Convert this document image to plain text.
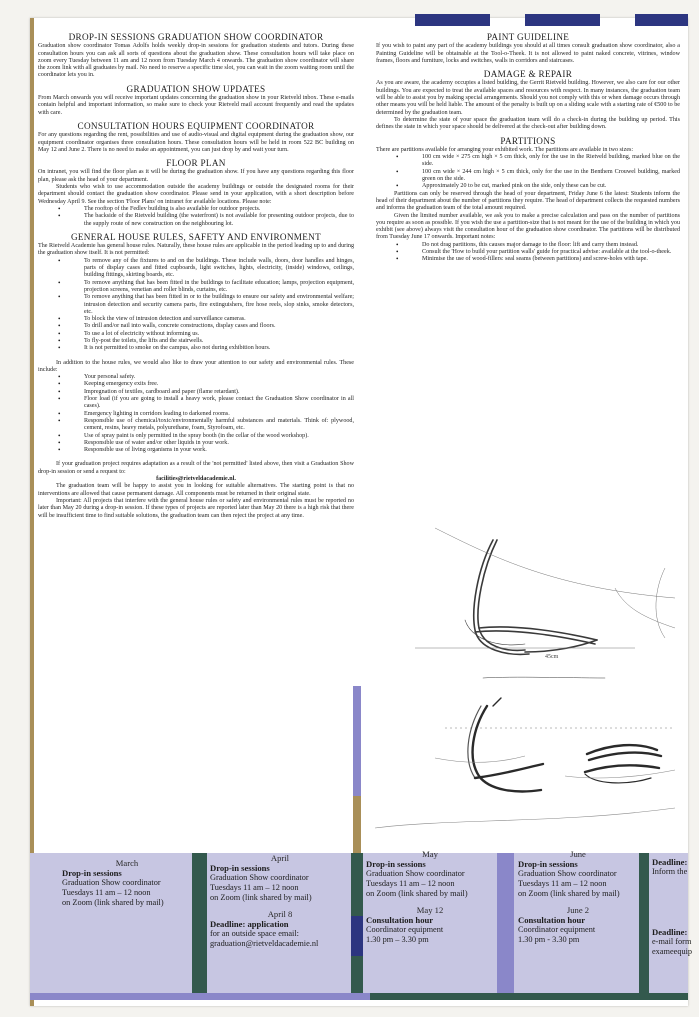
DROP-IN SESSIONS GRADUATION SHOW COORDINATOR

Graduation show coordinator Tomas Adolfs holds weekly drop-in sessions for graduation students and tutors. During these consultation hours you can ask all sorts of questions about the graduation show. These consultation hours will take place on zoom every Tuesday between 11 am and 12 noon from Tuesday March 4 onwards. The graduation show coordinator will share the zoom link with all graduates by mail. No need to reserve a specific time slot, you can wait in the zoom waiting room until the coordinator lets you in.

GRADUATION SHOW UPDATES

From March onwards you will receive important updates concerning the graduation show in your Rietveld inbox. These e-mails contain helpful and important information, so make sure to check your Rietveld mail account frequently and read the updates with care.

CONSULTATION HOURS EQUIPMENT COORDINATOR

For any questions regarding the rent, possibilities and use of audio-visual and digital equipment during the graduation show, our equipment coordinator organises three consultation hours. These consultation hours will be held in room 522 BC building on May 12 and June 2. There is no need to make an appointment, you can just drop by and wait your turn.

FLOOR PLAN

On intranet, you will find the floor plan as it will be during the graduation show. If you have any questions regarding this floor plan, please ask the head of your department.

Students who wish to use accommodation outside the academy buildings or outside the designated rooms for their department should contact the graduation show coordinator. Please send in your application, with a short description before Wednesday April 9. See the section 'Floor Plans' on intranet for available locations. Please note:

• The rooftop of the Fedlev building is also available for outdoor projects.
• The backside of the Rietveld building (the waterfront) is not available for presenting outdoor projects, due to the supply route of new construction on the neighbouring lot.
GENERAL HOUSE RULES, SAFETY AND ENVIRONMENT

The Rietveld Academie has general house rules. Naturally, these house rules are applicable in the period leading up to and during the graduation show itself. It is not permitted:

• To remove any of the fixtures to and on the buildings. These include walls, doors, door handles and hinges, parts of display cases and fitted cupboards, light switches, lights, electricity, (inside) windows, ceilings, building fittings, skirting boards, etc.
• To remove anything that has been fitted in the buildings to facilitate education; lamps, projection equipment, projection screens, venetian and roller blinds, curtains, etc.
• To remove anything that has been fitted in or to the buildings to ensure our safety and environmental welfare; intrusion detection and security camera parts, fire extinguishers, fire hose reels, slop sinks, smoke detectors, etc.
• To block the view of intrusion detection and surveillance cameras.
• To drill and/or nail into walls, concrete constructions, display cases and floors.
• To use a lot of electricity without informing us.
• To fly-post the toilets, the lifts and the stairwells.
• It is not permitted to smoke on the campus, also not during exhibition hours.

In addition to the house rules, we would also like to draw your attention to our safety and environmental rules. These include:

• Your personal safety.
• Keeping emergency exits free.
• Impregnation of textiles, cardboard and paper (flame retardant).
• Floor load (if you are going to install a heavy work, please contact the Graduation Show coordinator in all cases).
• Emergency lighting in corridors leading to darkened rooms.
• Responsible use of chemical/toxic/environmentally harmful substances and materials. Think of: plywood, cement, resins, heavy metals, polyurethane, foam, Styrofoam, etc.
• Use of spray paint is only permitted in the spray booth (in the cellar of the wood workshop).
• Responsible use of water and/or other liquids in your work.
• Responsible use of living organisms in your work.

If your graduation project requires adaptation as a result of the 'not permitted' listed above, then visit a Graduation Show drop-in session or send a request to:

facilities@rietveldacademie.nl.

The graduation team will be happy to assist you in looking for suitable alternatives. The starting point is that no interventions are allowed that cause permanent damage. All components must be returned in their original state.

Important: All projects that interfere with the general house rules or safety and environmental rules must be reported no later than May 20 during a drop-in session. If these types of projects are reported later than May 20 there is a high risk that there will be insufficient time to find suitable solutions, the graduation team can then reject the project at any time.

PAINT GUIDELINE

If you wish to paint any part of the academy buildings you should at all times consult graduation show coordinator, also a Painting Guideline will be obtainable at the Tool-o-Theek. It is not allowed to paint naked concrete, vitrines, window frames, floors and furniture, locks and switches, walls in corridors and staircases.

DAMAGE & REPAIR

As you are aware, the academy occupies a listed building, the Gerrit Rietveld building. However, we also care for our other buildings. You are expected to treat the available spaces and resources with respect. In many instances, the graduation team will be able to assist you by making special arrangements. Should you not comply with this or when damage occurs through other means you will be held liable. The amount of the penalty is built up on a sliding scale with a starting rate of €500 to be determined by the graduation team.

To determine the state of your space the graduation team will do a check-in during the building up period. This defines the state in which your space should be delivered at the check-out after building down.

PARTITIONS

There are partitions available for arranging your exhibited work. The partitions are available in two sizes:

• 100 cm wide × 275 cm high × 5 cm thick, only for the use in the Rietveld building, marked blue on the side.
• 100 cm wide × 244 cm high × 5 cm thick, only for the use in the Benthem Crouwel building, marked green on the side.
• Approximately 20 to be cut, marked pink on the side, only these can be cut.

Partitions can only be reserved through the head of your department, Friday June 6 the latest: Students inform the head of their department about the number of partitions they require. The head of department collects the requested numbers and informs the graduation team of the total amount required.

Given the limited number available, we ask you to make a precise calculation and pass on the number of partitions you require as soon as possible. If you wish the use a partition-size that is not meant for the use of the building in which you exhibit (see above) always visit the consultation hour of the graduation show coordinator. The partitions will be distributed from Tuesday June 17 onwards. Important notes:

• Do not drag partitions, this causes major damage to the floor: lift and carry them instead.
• Consult the 'How to build your partition walls' guide for practical advise: available at the tool-o-theek.
• Minimise the use of wood-fillers: seal seams (between partitions) and screw-holes with tape.
45cm
March
Drop-in sessions
Graduation Show coordinator
Tuesdays 11 am – 12 noon
on Zoom (link shared by mail)
April
Drop-in sessions
Graduation Show coordinator
Tuesdays 11 am – 12 noon
on Zoom (link shared by mail)
April 8
Deadline: application
for an outside space email:
graduation@rietveldacademie.nl
May
Drop-in sessions
Graduation Show coordinator
Tuesdays 11 am – 12 noon
on Zoom (link shared by mail)
May 12
Consultation hour
Coordinator equipment
1.30 pm – 3.30 pm
June
Drop-in sessions
Graduation Show coordinator
Tuesdays 11 am – 12 noon
on Zoom (link shared by mail)
June 2
Consultation hour
Coordinator equipment
1.30 pm - 3.30 pm
Deadline:
Inform the
Deadline:
e-mail form
exameequip
